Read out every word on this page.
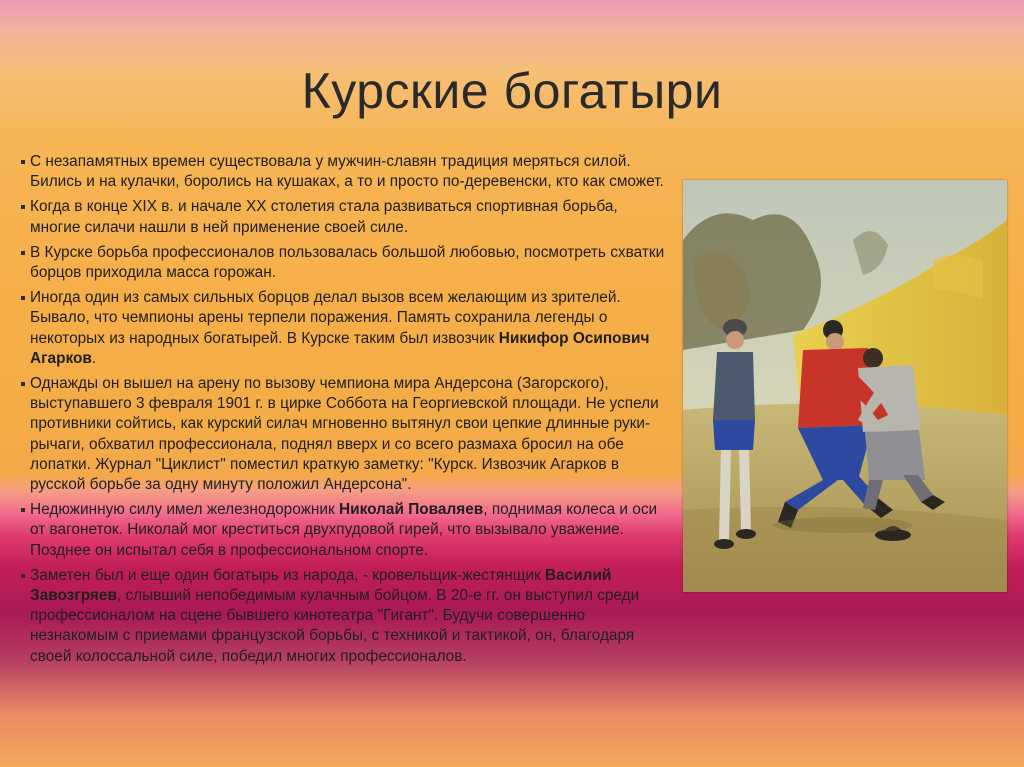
Курские богатыри
С незапамятных времен существовала у мужчин-славян традиция меряться силой. Бились и на кулачки, боролись на кушаках, а то и просто по-деревенски, кто как сможет.
Когда в конце XIX в. и начале XX столетия стала развиваться спортивная борьба, многие силачи нашли в ней применение своей силе.
В Курске борьба профессионалов пользовалась большой любовью, посмотреть схватки борцов приходила масса горожан.
Иногда один из самых сильных борцов делал вызов всем желающим из зрителей. Бывало, что чемпионы арены терпели поражения. Память сохранила легенды о некоторых из народных богатырей. В Курске таким был извозчик Никифор Осипович Агарков.
Однажды он вышел на арену по вызову чемпиона мира Андерсона (Загорского), выступавшего 3 февраля 1901 г. в цирке Соббота на Георгиевской площади. Не успели противники сойтись, как курский силач мгновенно вытянул свои цепкие длинные руки-рычаги, обхватил профессионала, поднял вверх и со всего размаха бросил на обе лопатки. Журнал "Циклист" поместил краткую заметку: "Курск. Извозчик Агарков в русской борьбе за одну минуту положил Андерсона".
Недюжинную силу имел железнодорожник Николай Поваляев, поднимая колеса и оси от вагонеток. Николай мог креститься двухпудовой гирей, что вызывало уважение. Позднее он испытал себя в профессиональном спорте.
Заметен был и еще один богатырь из народа, - кровельщик-жестянщик Василий Завозгряев, слывший непобедимым кулачным бойцом. В 20-е гг. он выступил среди профессионалом на сцене бывшего кинотеатра "Гигант". Будучи совершенно незнакомым с приемами французской борьбы, с техникой и тактикой, он, благодаря своей колоссальной силе, победил многих профессионалов.
